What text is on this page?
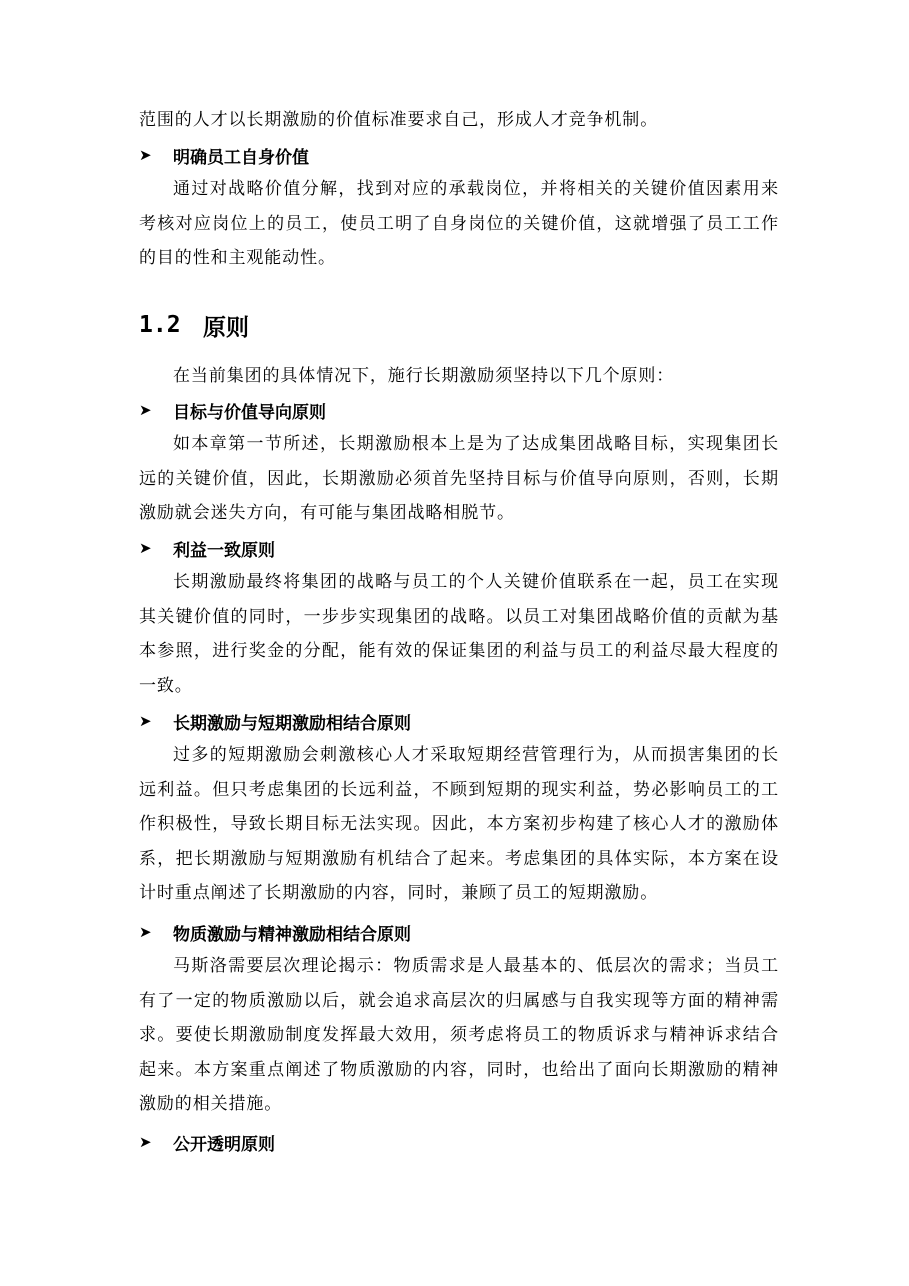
范围的人才以长期激励的价值标准要求自己，形成人才竞争机制。

➤	明确员工自身价值

通过对战略价值分解，找到对应的承载岗位，并将相关的关键价值因素用来考核对应岗位上的员工，使员工明了自身岗位的关键价值，这就增强了员工工作的目的性和主观能动性。

1.2 原则

在当前集团的具体情况下，施行长期激励须坚持以下几个原则：

➤	目标与价值导向原则

如本章第一节所述，长期激励根本上是为了达成集团战略目标，实现集团长远的关键价值，因此，长期激励必须首先坚持目标与价值导向原则，否则，长期激励就会迷失方向，有可能与集团战略相脱节。

➤	利益一致原则

长期激励最终将集团的战略与员工的个人关键价值联系在一起，员工在实现其关键价值的同时，一步步实现集团的战略。以员工对集团战略价值的贡献为基本参照，进行奖金的分配，能有效的保证集团的利益与员工的利益尽最大程度的一致。

➤	长期激励与短期激励相结合原则

过多的短期激励会刺激核心人才采取短期经营管理行为，从而损害集团的长远利益。但只考虑集团的长远利益，不顾到短期的现实利益，势必影响员工的工作积极性，导致长期目标无法实现。因此，本方案初步构建了核心人才的激励体系，把长期激励与短期激励有机结合了起来。考虑集团的具体实际，本方案在设计时重点阐述了长期激励的内容，同时，兼顾了员工的短期激励。

➤	物质激励与精神激励相结合原则

马斯洛需要层次理论揭示：物质需求是人最基本的、低层次的需求；当员工有了一定的物质激励以后，就会追求高层次的归属感与自我实现等方面的精神需求。要使长期激励制度发挥最大效用，须考虑将员工的物质诉求与精神诉求结合起来。本方案重点阐述了物质激励的内容，同时，也给出了面向长期激励的精神激励的相关措施。

➤	公开透明原则
